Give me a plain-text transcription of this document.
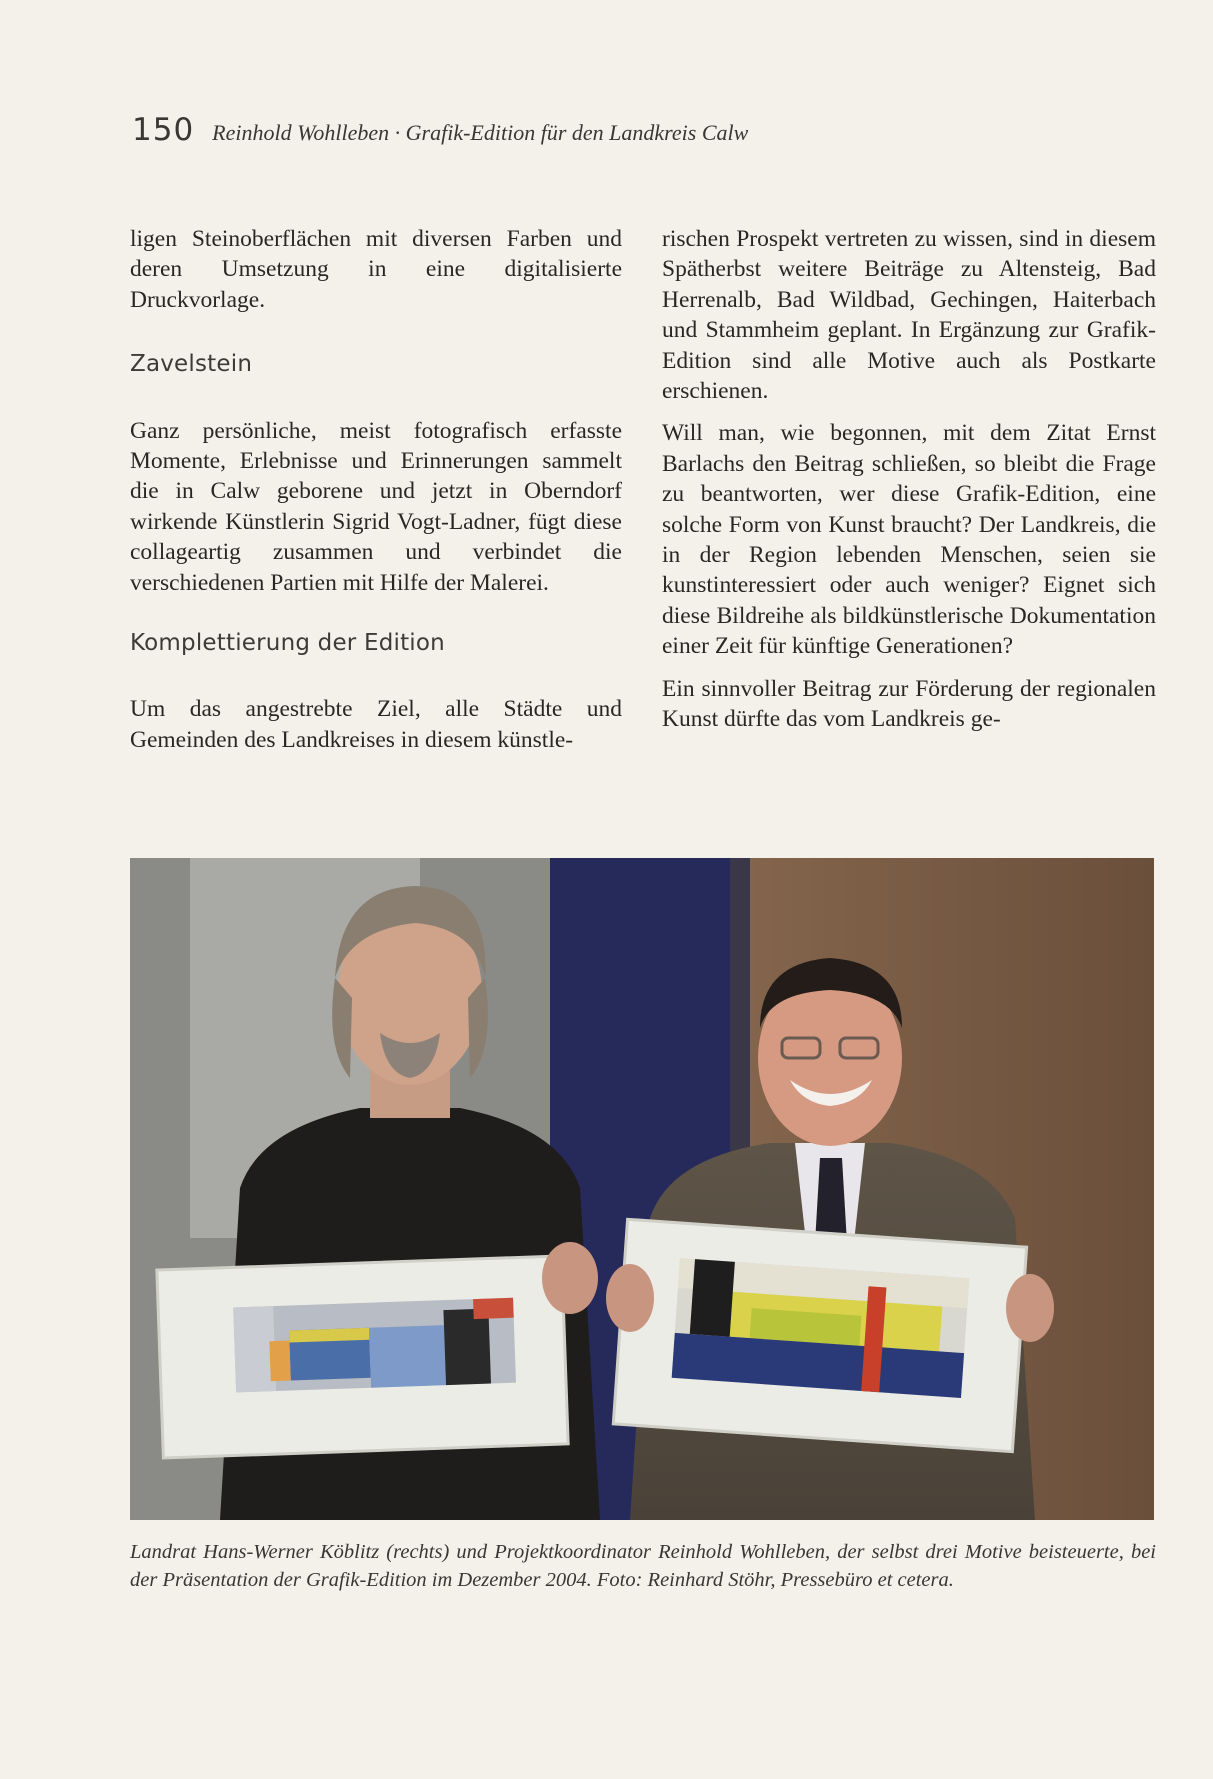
150 Reinhold Wohlleben · Grafik-Edition für den Landkreis Calw

ligen Steinoberflächen mit diversen Farben und deren Umsetzung in eine digitalisierte Druckvorlage.

Zavelstein

Ganz persönliche, meist fotografisch erfasste Momente, Erlebnisse und Erinnerungen sammelt die in Calw geborene und jetzt in Oberndorf wirkende Künstlerin Sigrid Vogt-Ladner, fügt diese collageartig zusammen und verbindet die verschiedenen Partien mit Hilfe der Malerei.

Komplettierung der Edition

Um das angestrebte Ziel, alle Städte und Gemeinden des Landkreises in diesem künstle-

rischen Prospekt vertreten zu wissen, sind in diesem Spätherbst weitere Beiträge zu Altensteig, Bad Herrenalb, Bad Wildbad, Gechingen, Haiterbach und Stammheim geplant. In Ergänzung zur Grafik-Edition sind alle Motive auch als Postkarte erschienen.

Will man, wie begonnen, mit dem Zitat Ernst Barlachs den Beitrag schließen, so bleibt die Frage zu beantworten, wer diese Grafik-Edition, eine solche Form von Kunst braucht? Der Landkreis, die in der Region lebenden Menschen, seien sie kunstinteressiert oder auch weniger? Eignet sich diese Bildreihe als bildkünstlerische Dokumentation einer Zeit für künftige Generationen?

Ein sinnvoller Beitrag zur Förderung der regionalen Kunst dürfte das vom Landkreis ge-

Landrat Hans-Werner Köblitz (rechts) und Projektkoordinator Reinhold Wohlleben, der selbst drei Motive beisteuerte, bei der Präsentation der Grafik-Edition im Dezember 2004. Foto: Reinhard Stöhr, Pressebüro et cetera.
